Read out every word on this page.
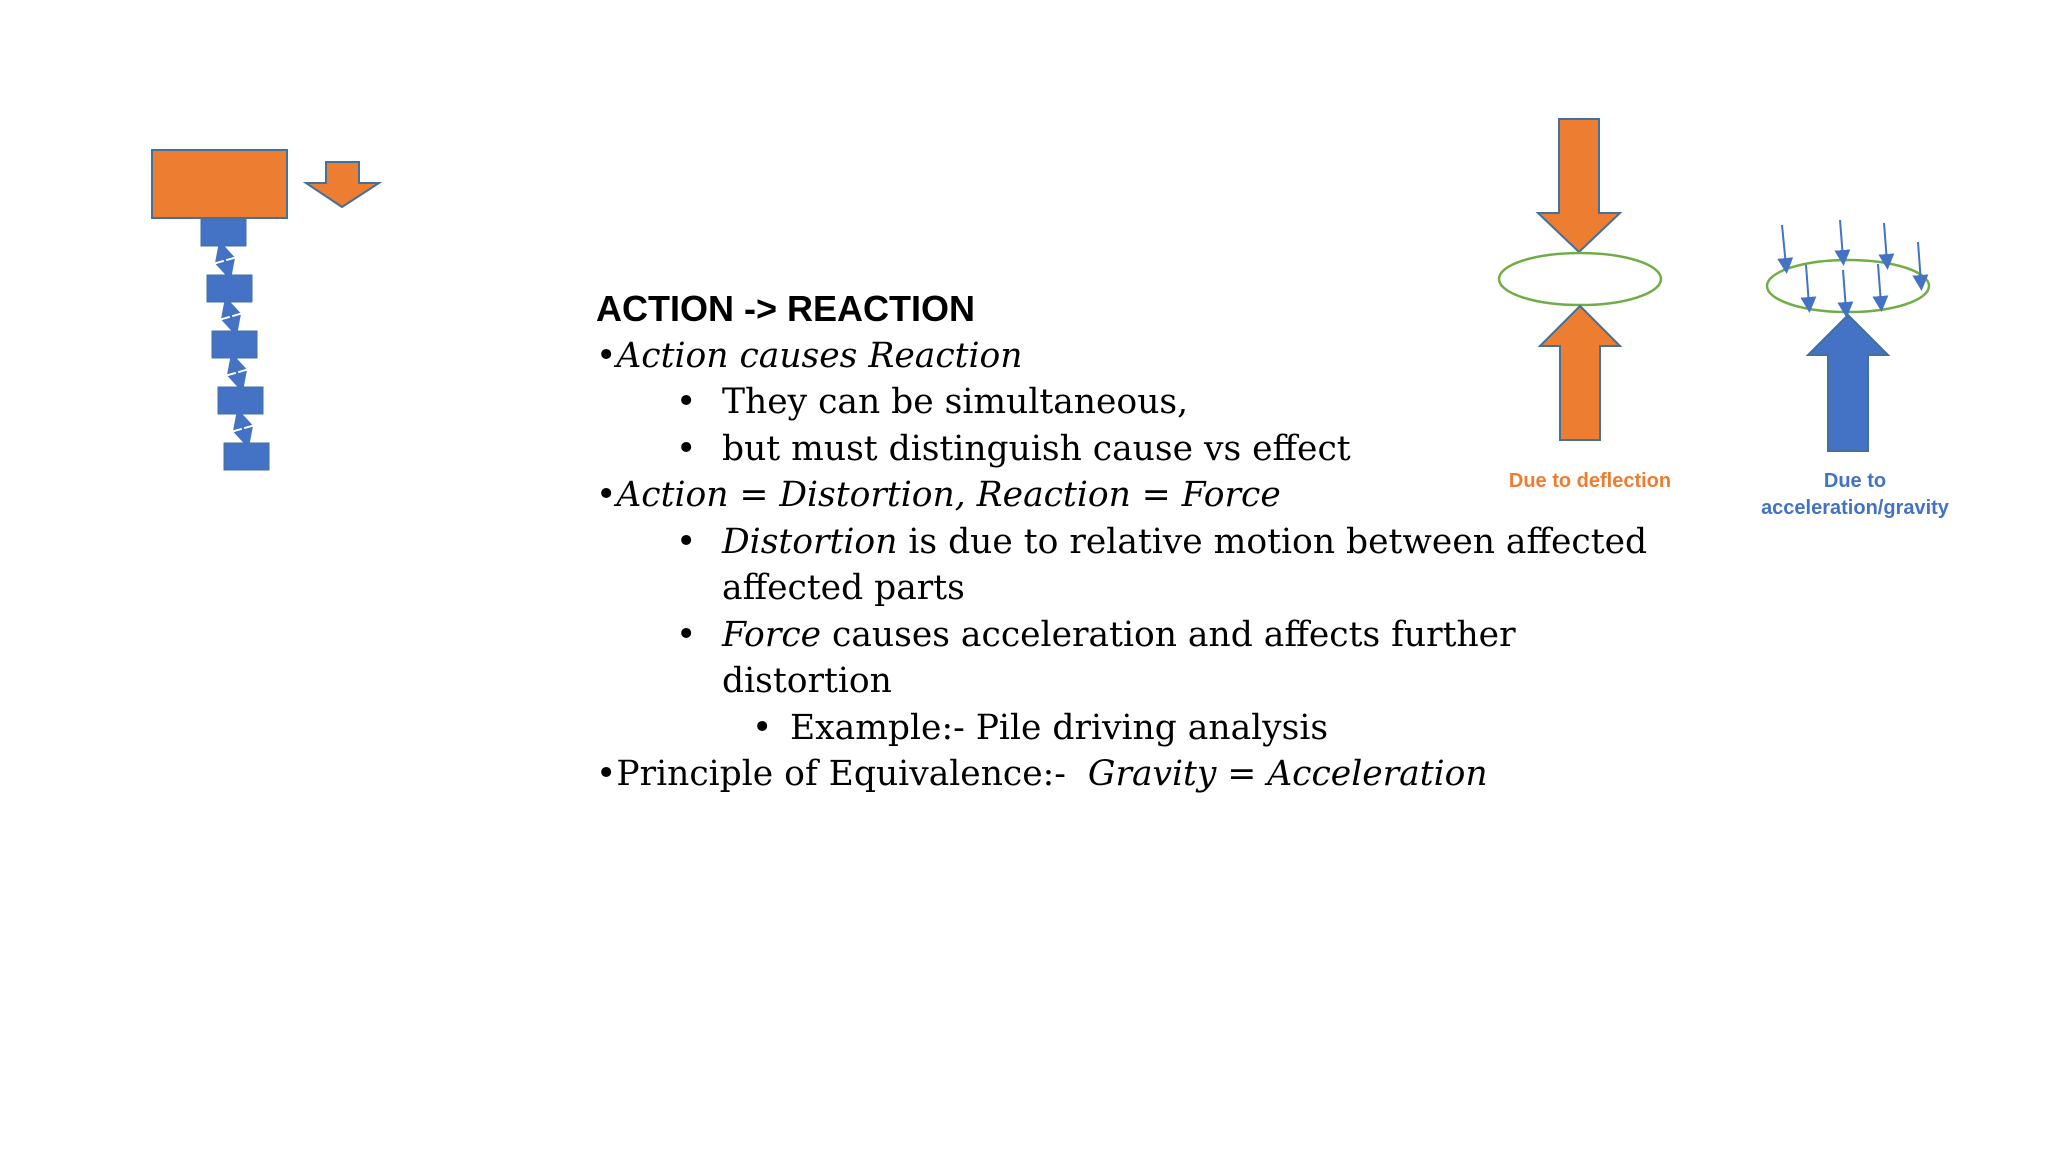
Due to deflection	Due to
acceleration/gravity
ACTION -> REACTION
•Action causes Reaction
• They can be simultaneous,
• but must distinguish cause vs effect
•Action = Distortion, Reaction = Force
• Distortion is due to relative motion between affected
affected parts
• Force causes acceleration and affects further
distortion
• Example:- Pile driving analysis
•Principle of Equivalence:-  Gravity = Acceleration
